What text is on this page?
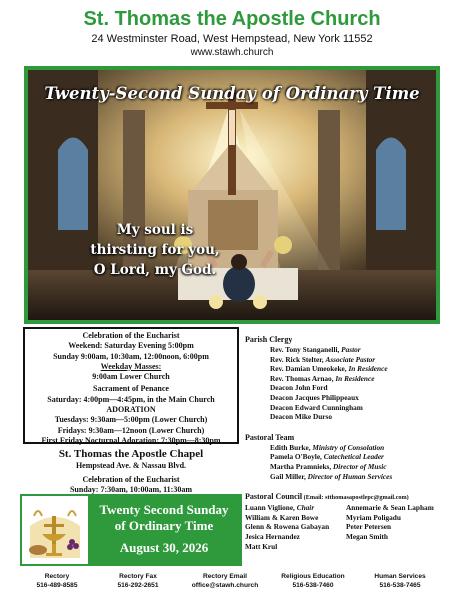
St. Thomas the Apostle Church
24 Westminster Road, West Hempstead, New York 11552
www.stawh.church
Twenty-Second Sunday of Ordinary Time
My soul is
thirsting for you,
O Lord, my God.
Celebration of the Eucharist
Weekend: Saturday Evening 5:00pm
Sunday 9:00am, 10:30am, 12:00noon, 6:00pm
Weekday Masses:
9:00am Lower Church
Sacrament of Penance
Saturday: 4:00pm—4:45pm, in the Main Church
ADORATION
Tuesdays: 9:30am—5:00pm (Lower Church)
Fridays: 9:30am—12noon (Lower Church)
First Friday Nocturnal Adoration: 7:30pm—8:30pm
St. Thomas the Apostle Chapel
Hempstead Ave. & Nassau Blvd.
Celebration of the Eucharist
Sunday: 7:30am, 10:00am, 11:30am
Twenty Second Sunday
of Ordinary Time
August 30, 2026
Parish Clergy
Rev. Tony Stanganelli, Pastor
Rev. Rick Stelter, Associate Pastor
Rev. Damian Umeokeke, In Residence
Rev. Thomas Arnao, In Residence
Deacon John Ford
Deacon Jacques Philippeaux
Deacon Edward Cunningham
Deacon Mike Durso
Pastoral Team
Edith Burke, Ministry of Consolation
Pamela O'Boyle, Catechetical Leader
Martha Pramnieks, Director of Music
Gail Miller, Director of Human Services
Pastoral Council (Email: stthomasapostlepc@gmail.com)
Luann Viglione, Chair
William & Karen Bowe
Glenn & Rowena Gabayan
Jesica Hernandez
Matt Krul
Annemarie & Sean Lapham
Myriam Poligadu
Peter Petersen
Megan Smith
Rectory
516-489-8585
Rectory Fax
516-292-2651
Rectory Email
office@stawh.church
Religious Education
516-538-7460
Human Services
516-538-7465
